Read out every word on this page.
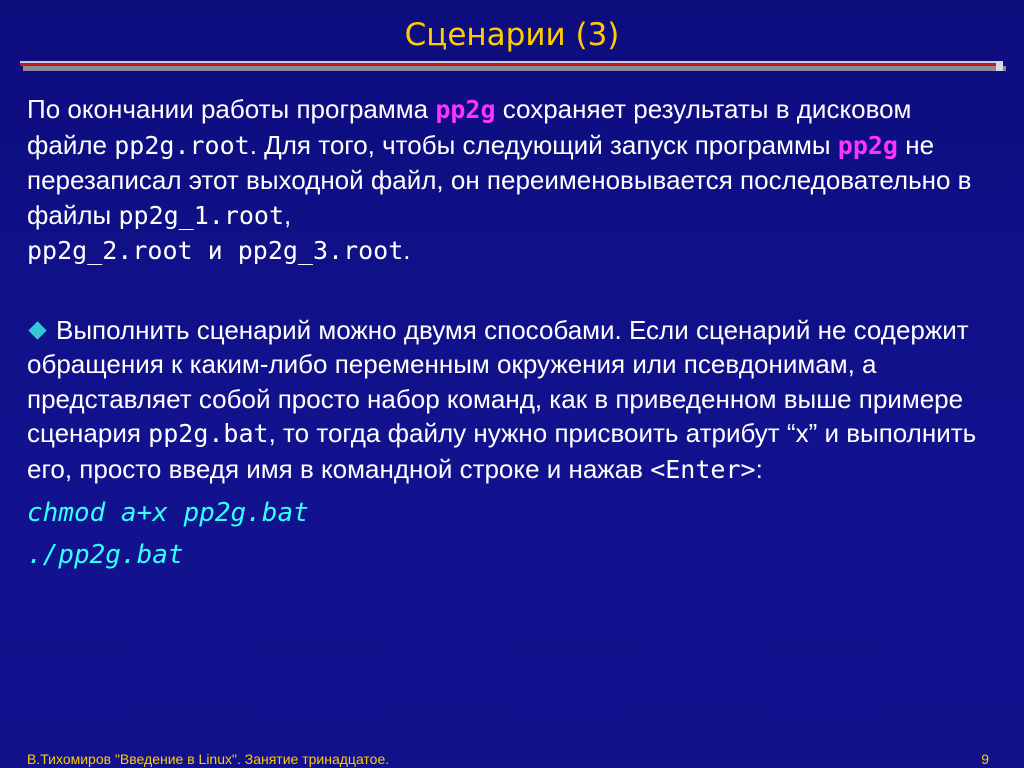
Сценарии (3)

По окончании работы программа pp2g сохраняет результаты в дисковом файле pp2g.root. Для того, чтобы следующий запуск программы pp2g не перезаписал этот выходной файл, он переименовывается последовательно в файлы pp2g_1.root,
pp2g_2.root и pp2g_3.root.

Выполнить сценарий можно двумя способами. Если сценарий не содержит обращения к каким-либо переменным окружения или псевдонимам, а представляет собой просто набор команд, как в приведенном выше примере сценария pp2g.bat, то тогда файлу нужно присвоить атрибут “x” и выполнить его, просто введя имя в командной строке и нажав <Enter>:

chmod a+x pp2g.bat

./pp2g.bat

В.Тихомиров "Введение в Linux". Занятие тринадцатое.	9
